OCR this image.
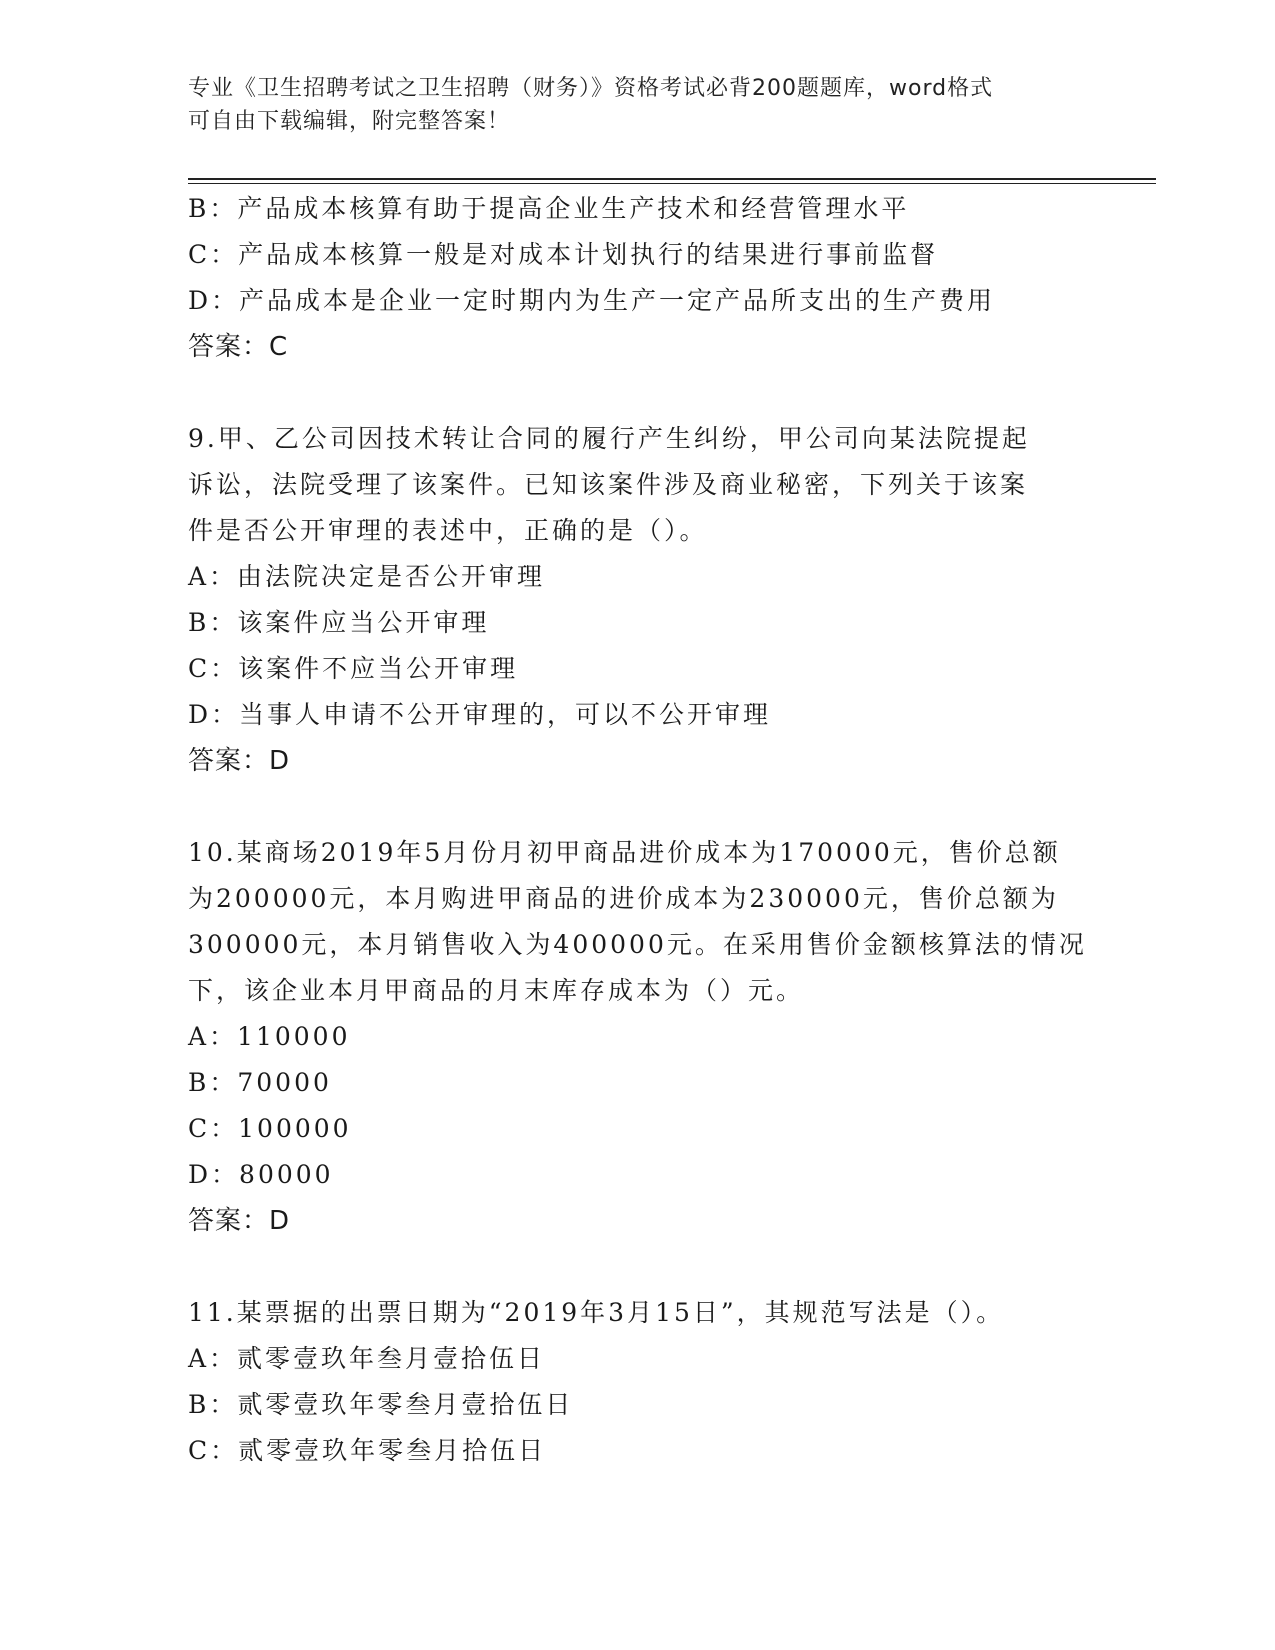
专业《卫生招聘考试之卫生招聘（财务）》资格考试必背200题题库，word格式
可自由下载编辑，附完整答案！
B：产品成本核算有助于提高企业生产技术和经营管理水平
C：产品成本核算一般是对成本计划执行的结果进行事前监督
D：产品成本是企业一定时期内为生产一定产品所支出的生产费用
答案：C
9.甲、乙公司因技术转让合同的履行产生纠纷，甲公司向某法院提起
诉讼，法院受理了该案件。已知该案件涉及商业秘密，下列关于该案
件是否公开审理的表述中，正确的是（）。
A：由法院决定是否公开审理
B：该案件应当公开审理
C：该案件不应当公开审理
D：当事人申请不公开审理的，可以不公开审理
答案：D
10.某商场2019年5月份月初甲商品进价成本为170000元，售价总额
为200000元，本月购进甲商品的进价成本为230000元，售价总额为
300000元，本月销售收入为400000元。在采用售价金额核算法的情况
下，该企业本月甲商品的月末库存成本为（）元。
A：110000
B：70000
C：100000
D：80000
答案：D
11.某票据的出票日期为“2019年3月15日”，其规范写法是（）。
A：贰零壹玖年叁月壹拾伍日
B：贰零壹玖年零叁月壹拾伍日
C：贰零壹玖年零叁月拾伍日
